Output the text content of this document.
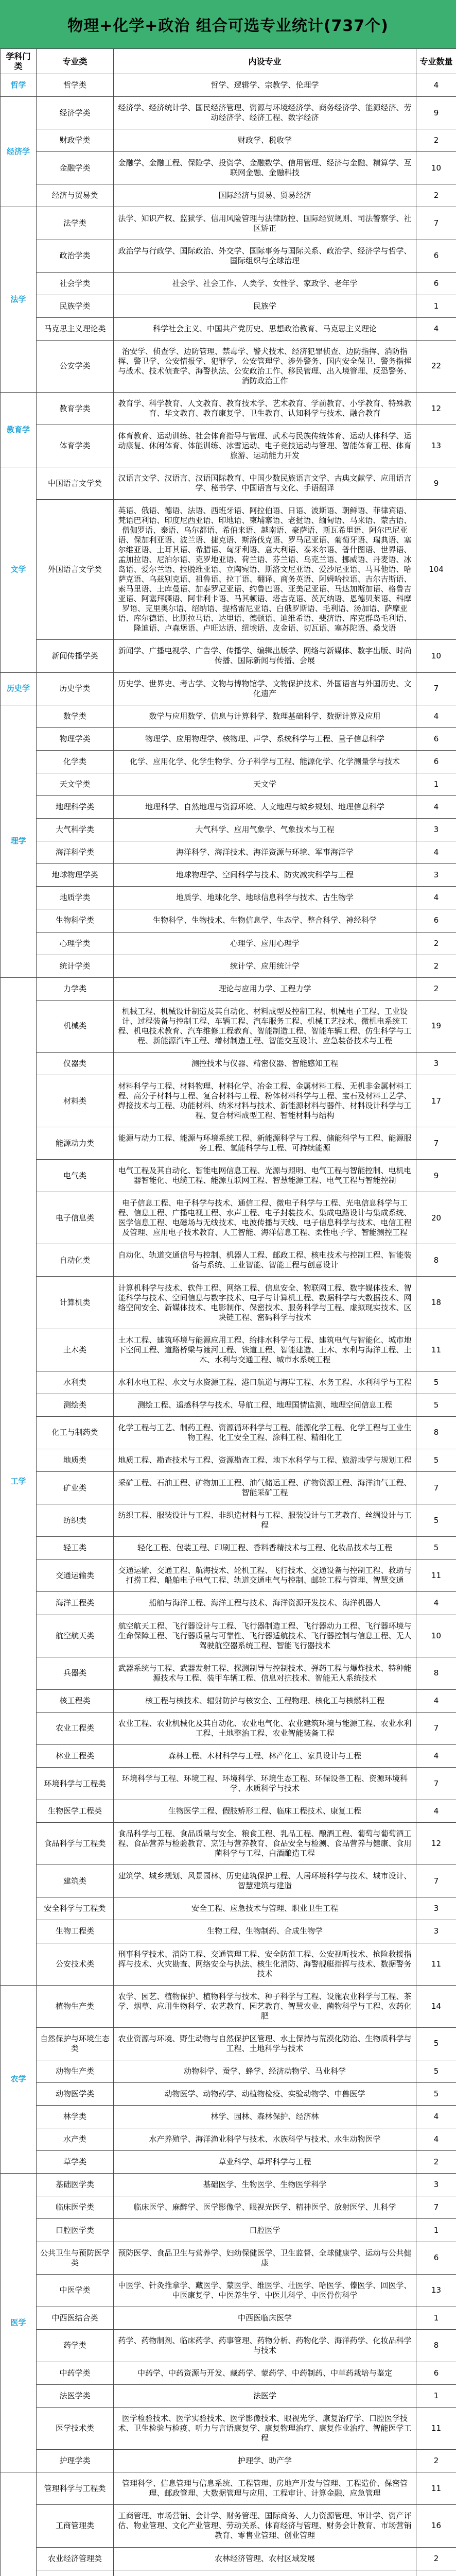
物理+化学+政治 组合可选专业统计(737个)
学科门类	专业类	内设专业	专业数量
哲学	哲学类	哲学、逻辑学、宗教学、伦理学	4
经济学	经济学类	经济学、经济统计学、国民经济管理、资源与环境经济学、商务经济学、能源经济、劳动经济学、经济工程、数字经济	9
	财政学类	财政学、税收学	2
	金融学类	金融学、金融工程、保险学、投资学、金融数学、信用管理、经济与金融、精算学、互联网金融、金融科技	10
	经济与贸易类	国际经济与贸易、贸易经济	2
法学	法学类	法学、知识产权、监狱学、信用风险管理与法律防控、国际经贸规则、司法警察学、社区矫正	7
	政治学类	政治学与行政学、国际政治、外交学、国际事务与国际关系、政治学、经济学与哲学、国际组织与全球治理	6
	社会学类	社会学、社会工作、人类学、女性学、家政学、老年学	6
	民族学类	民族学	1
	马克思主义理论类	科学社会主义、中国共产党历史、思想政治教育、马克思主义理论	4
	公安学类	治安学、侦查学、边防管理、禁毒学、警犬技术、经济犯罪侦查、边防指挥、消防指挥、警卫学、公安情报学、犯罪学、公安管理学、涉外警务、国内安全保卫、警务指挥与战术、技术侦查学、海警执法、公安政治工作、移民管理、出入境管理、反恐警务、消防政治工作	22
教育学	教育学类	教育学、科学教育、人文教育、教育技术学、艺术教育、学前教育、小学教育、特殊教育、华文教育、教育康复学、卫生教育、认知科学与技术、融合教育	12
	体育学类	体育教育、运动训练、社会体育指导与管理、武术与民族传统体育、运动人体科学、运动康复、休闲体育、体能训练、冰雪运动、电子竞技运动与管理、智能体育工程、体育旅游、运动能力开发	13
文学	中国语言文学类	汉语言文学、汉语言、汉语国际教育、中国少数民族语言文学、古典文献学、应用语言学、秘书学、中国语言与文化、手语翻译	9
	外国语言文学类	英语、俄语、德语、法语、西班牙语、阿拉伯语、日语、波斯语、朝鲜语、菲律宾语、梵语巴利语、印度尼西亚语、印地语、柬埔寨语、老挝语、缅甸语、马来语、蒙古语、僧伽罗语、泰语、乌尔都语、希伯来语、越南语、豪萨语、斯瓦希里语、阿尔巴尼亚语、保加利亚语、波兰语、捷克语、斯洛伐克语、罗马尼亚语、葡萄牙语、瑞典语、塞尔维亚语、土耳其语、希腊语、匈牙利语、意大利语、泰米尔语、普什图语、世界语、孟加拉语、尼泊尔语、克罗地亚语、荷兰语、芬兰语、乌克兰语、挪威语、丹麦语、冰岛语、爱尔兰语、拉脱维亚语、立陶宛语、斯洛文尼亚语、爱沙尼亚语、马耳他语、哈萨克语、乌兹别克语、祖鲁语、拉丁语、翻译、商务英语、阿姆哈拉语、吉尔吉斯语、索马里语、土库曼语、加泰罗尼亚语、约鲁巴语、亚美尼亚语、马达加斯加语、格鲁吉亚语、阿塞拜疆语、阿非利卡语、马其顿语、塔吉克语、茨瓦纳语、恩德贝莱语、科摩罗语、克里奥尔语、绍纳语、提格雷尼亚语、白俄罗斯语、毛利语、汤加语、萨摩亚语、库尔德语、比斯拉马语、达里语、德顿语、迪维希语、斐济语、库克群岛毛利语、隆迪语、卢森堡语、卢旺达语、纽埃语、皮金语、切瓦语、塞苏陀语、桑戈语	104
	新闻传播学类	新闻学、广播电视学、广告学、传播学、编辑出版学、网络与新媒体、数字出版、时尚传播、国际新闻与传播、会展	10
历史学	历史学类	历史学、世界史、考古学、文物与博物馆学、文物保护技术、外国语言与外国历史、文化遗产	7
理学	数学类	数学与应用数学、信息与计算科学、数理基础科学、数据计算及应用	4
	物理学类	物理学、应用物理学、核物理、声学、系统科学与工程、量子信息科学	6
	化学类	化学、应用化学、化学生物学、分子科学与工程、能源化学、化学测量学与技术	6
	天文学类	天文学	1
	地理科学类	地理科学、自然地理与资源环境、人文地理与城乡规划、地理信息科学	4
	大气科学类	大气科学、应用气象学、气象技术与工程	3
	海洋科学类	海洋科学、海洋技术、海洋资源与环境、军事海洋学	4
	地球物理学类	地球物理学、空间科学与技术、防灾减灾科学与工程	3
	地质学类	地质学、地球化学、地球信息科学与技术、古生物学	4
	生物科学类	生物科学、生物技术、生物信息学、生态学、整合科学、神经科学	6
	心理学类	心理学、应用心理学	2
	统计学类	统计学、应用统计学	2
工学	力学类	理论与应用力学、工程力学	2
	机械类	机械工程、机械设计制造及其自动化、材料成型及控制工程、机械电子工程、工业设计、过程装备与控制工程、车辆工程、汽车服务工程、机械工艺技术、微机电系统工程、机电技术教育、汽车维修工程教育、智能制造工程、智能车辆工程、仿生科学与工程、新能源汽车工程、增材制造工程、智能交互设计、应急装备技术与工程	19
	仪器类	测控技术与仪器、精密仪器、智能感知工程	3
	材料类	材料科学与工程、材料物理、材料化学、冶金工程、金属材料工程、无机非金属材料工程、高分子材料与工程、复合材料与工程、粉体材料科学与工程、宝石及材料工艺学、焊接技术与工程、功能材料、纳米材料与技术、新能源材料与器件、材料设计科学与工程、复合材料成型工程、智能材料与结构	17
	能源动力类	能源与动力工程、能源与环境系统工程、新能源科学与工程、储能科学与工程、能源服务工程、氢能科学与工程、可持续能源	7
	电气类	电气工程及其自动化、智能电网信息工程、光源与照明、电气工程与智能控制、电机电器智能化、电缆工程、能源互联网工程、智慧能源工程、电气工程与智能控制	9
	电子信息类	电子信息工程、电子科学与技术、通信工程、微电子科学与工程、光电信息科学与工程、信息工程、广播电视工程、水声工程、电子封装技术、集成电路设计与集成系统、医学信息工程、电磁场与无线技术、电波传播与天线、电子信息科学与技术、电信工程及管理、应用电子技术教育、人工智能、海洋信息工程、柔性电子学、智能测控工程	20
	自动化类	自动化、轨道交通信号与控制、机器人工程、邮政工程、核电技术与控制工程、智能装备与系统、工业智能、智能工程与创意设计	8
	计算机类	计算机科学与技术、软件工程、网络工程、信息安全、物联网工程、数字媒体技术、智能科学与技术、空间信息与数字技术、电子与计算机工程、数据科学与大数据技术、网络空间安全、新媒体技术、电影制作、保密技术、服务科学与工程、虚拟现实技术、区块链工程、密码科学与技术	18
	土木类	土木工程、建筑环境与能源应用工程、给排水科学与工程、建筑电气与智能化、城市地下空间工程、道路桥梁与渡河工程、铁道工程、智能建造、土木、水利与海洋工程、土木、水利与交通工程、城市水系统工程	11
	水利类	水利水电工程、水文与水资源工程、港口航道与海岸工程、水务工程、水利科学与工程	5
	测绘类	测绘工程、遥感科学与技术、导航工程、地理国情监测、地理空间信息工程	5
	化工与制药类	化学工程与工艺、制药工程、资源循环科学与工程、能源化学工程、化学工程与工业生物工程、化工安全工程、涂料工程、精细化工	8
	地质类	地质工程、勘查技术与工程、资源勘查工程、地下水科学与工程、旅游地学与规划工程	5
	矿业类	采矿工程、石油工程、矿物加工工程、油气储运工程、矿物资源工程、海洋油气工程、智能采矿工程	7
	纺织类	纺织工程、服装设计与工程、非织造材料与工程、服装设计与工艺教育、丝绸设计与工程	5
	轻工类	轻化工程、包装工程、印刷工程、香料香精技术与工程、化妆品技术与工程	5
	交通运输类	交通运输、交通工程、航海技术、轮机工程、飞行技术、交通设备与控制工程、救助与打捞工程、船舶电子电气工程、轨道交通电气与控制、邮轮工程与管理、智慧交通	11
	海洋工程类	船舶与海洋工程、海洋工程与技术、海洋资源开发技术、海洋机器人	4
	航空航天类	航空航天工程、飞行器设计与工程、飞行器制造工程、飞行器动力工程、飞行器环境与生命保障工程、飞行器质量与可靠性、飞行器适航技术、飞行器控制与信息工程、无人驾驶航空器系统工程、智能飞行器技术	10
	兵器类	武器系统与工程、武器发射工程、探测制导与控制技术、弹药工程与爆炸技术、特种能源技术与工程、装甲车辆工程、信息对抗技术、智能无人系统技术	8
	核工程类	核工程与核技术、辐射防护与核安全、工程物理、核化工与核燃料工程	4
	农业工程类	农业工程、农业机械化及其自动化、农业电气化、农业建筑环境与能源工程、农业水利工程、土地整治工程、农业智能装备工程	7
	林业工程类	森林工程、木材科学与工程、林产化工、家具设计与工程	4
	环境科学与工程类	环境科学与工程、环境工程、环境科学、环境生态工程、环保设备工程、资源环境科学、水质科学与技术	7
	生物医学工程类	生物医学工程、假肢矫形工程、临床工程技术、康复工程	4
	食品科学与工程类	食品科学与工程、食品质量与安全、粮食工程、乳品工程、酿酒工程、葡萄与葡萄酒工程、食品营养与检验教育、烹饪与营养教育、食品安全与检测、食品营养与健康、食用菌科学与工程、白酒酿造工程	12
	建筑类	建筑学、城乡规划、风景园林、历史建筑保护工程、人居环境科学与技术、城市设计、智慧建筑与建造	7
	安全科学与工程类	安全工程、应急技术与管理、职业卫生工程	3
	生物工程类	生物工程、生物制药、合成生物学	3
	公安技术类	刑事科学技术、消防工程、交通管理工程、安全防范工程、公安视听技术、抢险救援指挥与技术、火灾勘查、网络安全与执法、核生化消防、海警舰艇指挥与技术、数据警务技术	11
农学	植物生产类	农学、园艺、植物保护、植物科学与技术、种子科学与工程、设施农业科学与工程、茶学、烟草、应用生物科学、农艺教育、园艺教育、智慧农业、菌物科学与工程、农药化肥	14
	自然保护与环境生态类	农业资源与环境、野生动物与自然保护区管理、水土保持与荒漠化防治、生物质科学与工程、土地科学与技术	5
	动物生产类	动物科学、蚕学、蜂学、经济动物学、马业科学	5
	动物医学类	动物医学、动物药学、动植物检疫、实验动物学、中兽医学	5
	林学类	林学、园林、森林保护、经济林	4
	水产类	水产养殖学、海洋渔业科学与技术、水族科学与技术、水生动物医学	4
	草学类	草业科学、草坪科学与工程	2
医学	基础医学类	基础医学、生物医学、生物医学科学	3
	临床医学类	临床医学、麻醉学、医学影像学、眼视光医学、精神医学、放射医学、儿科学	7
	口腔医学类	口腔医学	1
	公共卫生与预防医学类	预防医学、食品卫生与营养学、妇幼保健医学、卫生监督、全球健康学、运动与公共健康	6
	中医学类	中医学、针灸推拿学、藏医学、蒙医学、维医学、壮医学、哈医学、傣医学、回医学、中医康复学、中医养生学、中医儿科学、中医骨伤科学	13
	中西医结合类	中西医临床医学	1
	药学类	药学、药物制剂、临床药学、药事管理、药物分析、药物化学、海洋药学、化妆品科学与技术	8
	中药学类	中药学、中药资源与开发、藏药学、蒙药学、中药制药、中草药栽培与鉴定	6
	法医学类	法医学	1
	医学技术类	医学检验技术、医学实验技术、医学影像技术、眼视光学、康复治疗学、口腔医学技术、卫生检验与检疫、听力与言语康复学、康复物理治疗、康复作业治疗、智能医学工程	11
	护理学类	护理学、助产学	2
	管理科学与工程类	管理科学、信息管理与信息系统、工程管理、房地产开发与管理、工程造价、保密管理、邮政管理、大数据管理与应用、工程审计、计算金融、应急管理	11
	工商管理类	工商管理、市场营销、会计学、财务管理、国际商务、人力资源管理、审计学、资产评估、物业管理、文化产业管理、劳动关系、体育经济与管理、财务会计教育、市场营销教育、零售业管理、创业管理	16
	农业经济管理类	农林经济管理、农村区域发展	2
